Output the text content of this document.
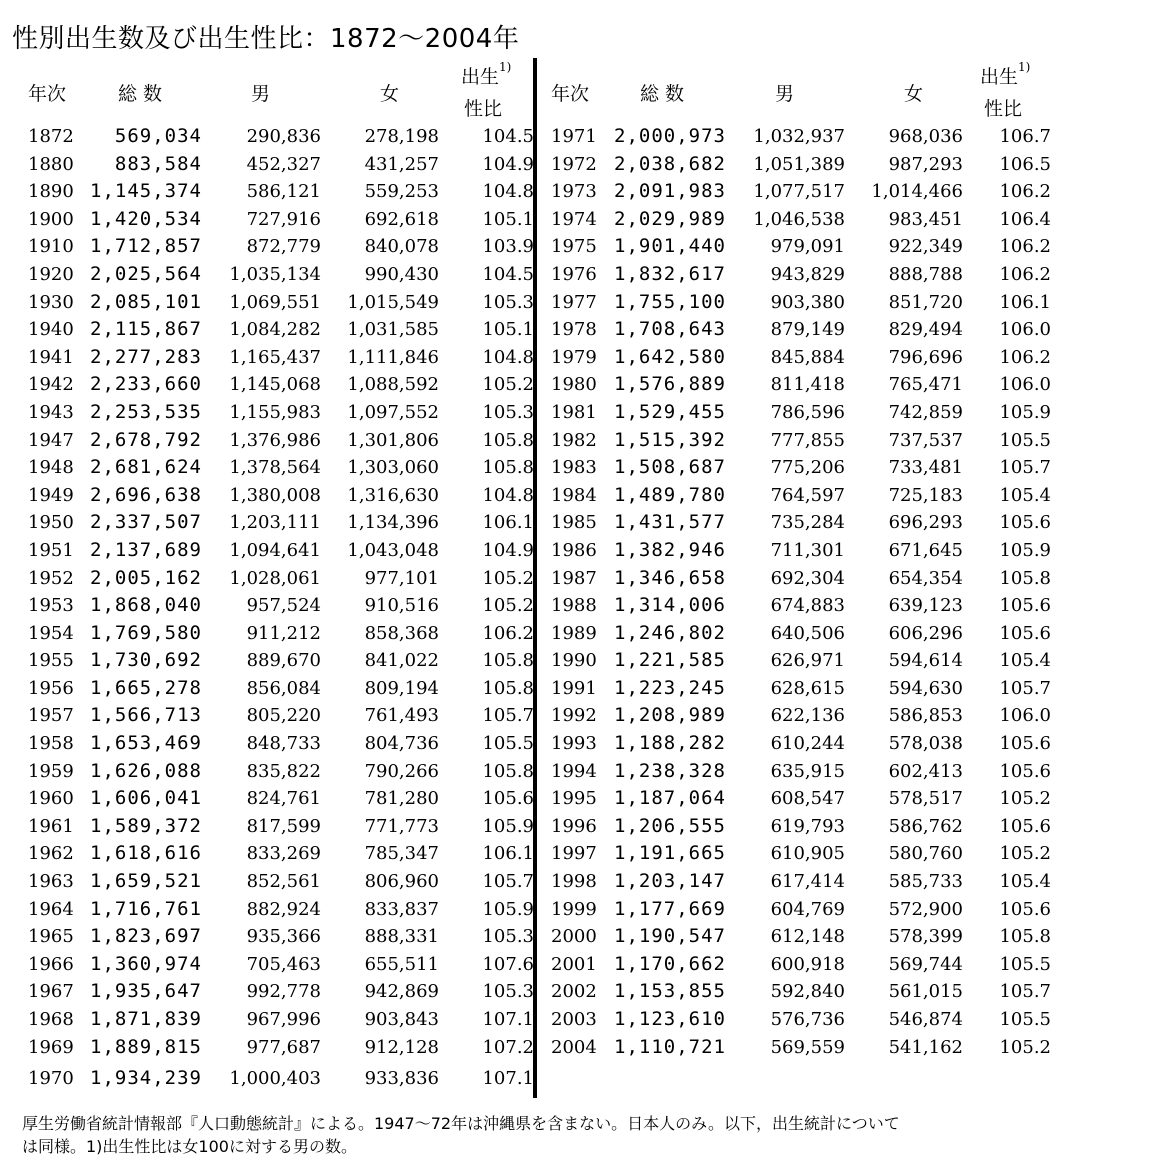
性別出生数及び出生性比：1872〜2004年
年次	総 数	男	女
出生$^{1)}$
性比
年次	総 数	男	女
出生$^{1)}$
性比
1872 569,034 290,836 278,198 104.5 1971 2,000,973 1,032,937 968,036 106.7
1880 883,584 452,327 431,257 104.9 1972 2,038,682 1,051,389 987,293 106.5
1890 1,145,374 586,121 559,253 104.8 1973 2,091,983 1,077,517 1,014,466 106.2
1900 1,420,534 727,916 692,618 105.1 1974 2,029,989 1,046,538 983,451 106.4
1910 1,712,857 872,779 840,078 103.9 1975 1,901,440 979,091 922,349 106.2
1920 2,025,564 1,035,134 990,430 104.5 1976 1,832,617 943,829 888,788 106.2
1930 2,085,101 1,069,551 1,015,549 105.3 1977 1,755,100 903,380 851,720 106.1
1940 2,115,867 1,084,282 1,031,585 105.1 1978 1,708,643 879,149 829,494 106.0
1941 2,277,283 1,165,437 1,111,846 104.8 1979 1,642,580 845,884 796,696 106.2
1942 2,233,660 1,145,068 1,088,592 105.2 1980 1,576,889 811,418 765,471 106.0
1943 2,253,535 1,155,983 1,097,552 105.3 1981 1,529,455 786,596 742,859 105.9
1947 2,678,792 1,376,986 1,301,806 105.8 1982 1,515,392 777,855 737,537 105.5
1948 2,681,624 1,378,564 1,303,060 105.8 1983 1,508,687 775,206 733,481 105.7
1949 2,696,638 1,380,008 1,316,630 104.8 1984 1,489,780 764,597 725,183 105.4
1950 2,337,507 1,203,111 1,134,396 106.1 1985 1,431,577 735,284 696,293 105.6
1951 2,137,689 1,094,641 1,043,048 104.9 1986 1,382,946 711,301 671,645 105.9
1952 2,005,162 1,028,061 977,101 105.2 1987 1,346,658 692,304 654,354 105.8
1953 1,868,040 957,524 910,516 105.2 1988 1,314,006 674,883 639,123 105.6
1954 1,769,580 911,212 858,368 106.2 1989 1,246,802 640,506 606,296 105.6
1955 1,730,692 889,670 841,022 105.8 1990 1,221,585 626,971 594,614 105.4
1956 1,665,278 856,084 809,194 105.8 1991 1,223,245 628,615 594,630 105.7
1957 1,566,713 805,220 761,493 105.7 1992 1,208,989 622,136 586,853 106.0
1958 1,653,469 848,733 804,736 105.5 1993 1,188,282 610,244 578,038 105.6
1959 1,626,088 835,822 790,266 105.8 1994 1,238,328 635,915 602,413 105.6
1960 1,606,041 824,761 781,280 105.6 1995 1,187,064 608,547 578,517 105.2
1961 1,589,372 817,599 771,773 105.9 1996 1,206,555 619,793 586,762 105.6
1962 1,618,616 833,269 785,347 106.1 1997 1,191,665 610,905 580,760 105.2
1963 1,659,521 852,561 806,960 105.7 1998 1,203,147 617,414 585,733 105.4
1964 1,716,761 882,924 833,837 105.9 1999 1,177,669 604,769 572,900 105.6
1965 1,823,697 935,366 888,331 105.3 2000 1,190,547 612,148 578,399 105.8
1966 1,360,974 705,463 655,511 107.6 2001 1,170,662 600,918 569,744 105.5
1967 1,935,647 992,778 942,869 105.3 2002 1,153,855 592,840 561,015 105.7
1968 1,871,839 967,996 903,843 107.1 2003 1,123,610 576,736 546,874 105.5
1969 1,889,815 977,687 912,128 107.2 2004 1,110,721 569,559 541,162 105.2
1970 1,934,239 1,000,403 933,836 107.1
厚生労働省統計情報部『人口動態統計』による。1947〜72年は沖縄県を含まない。日本人のみ。以下，出生統計について
は同様。1)出生性比は女100に対する男の数。
